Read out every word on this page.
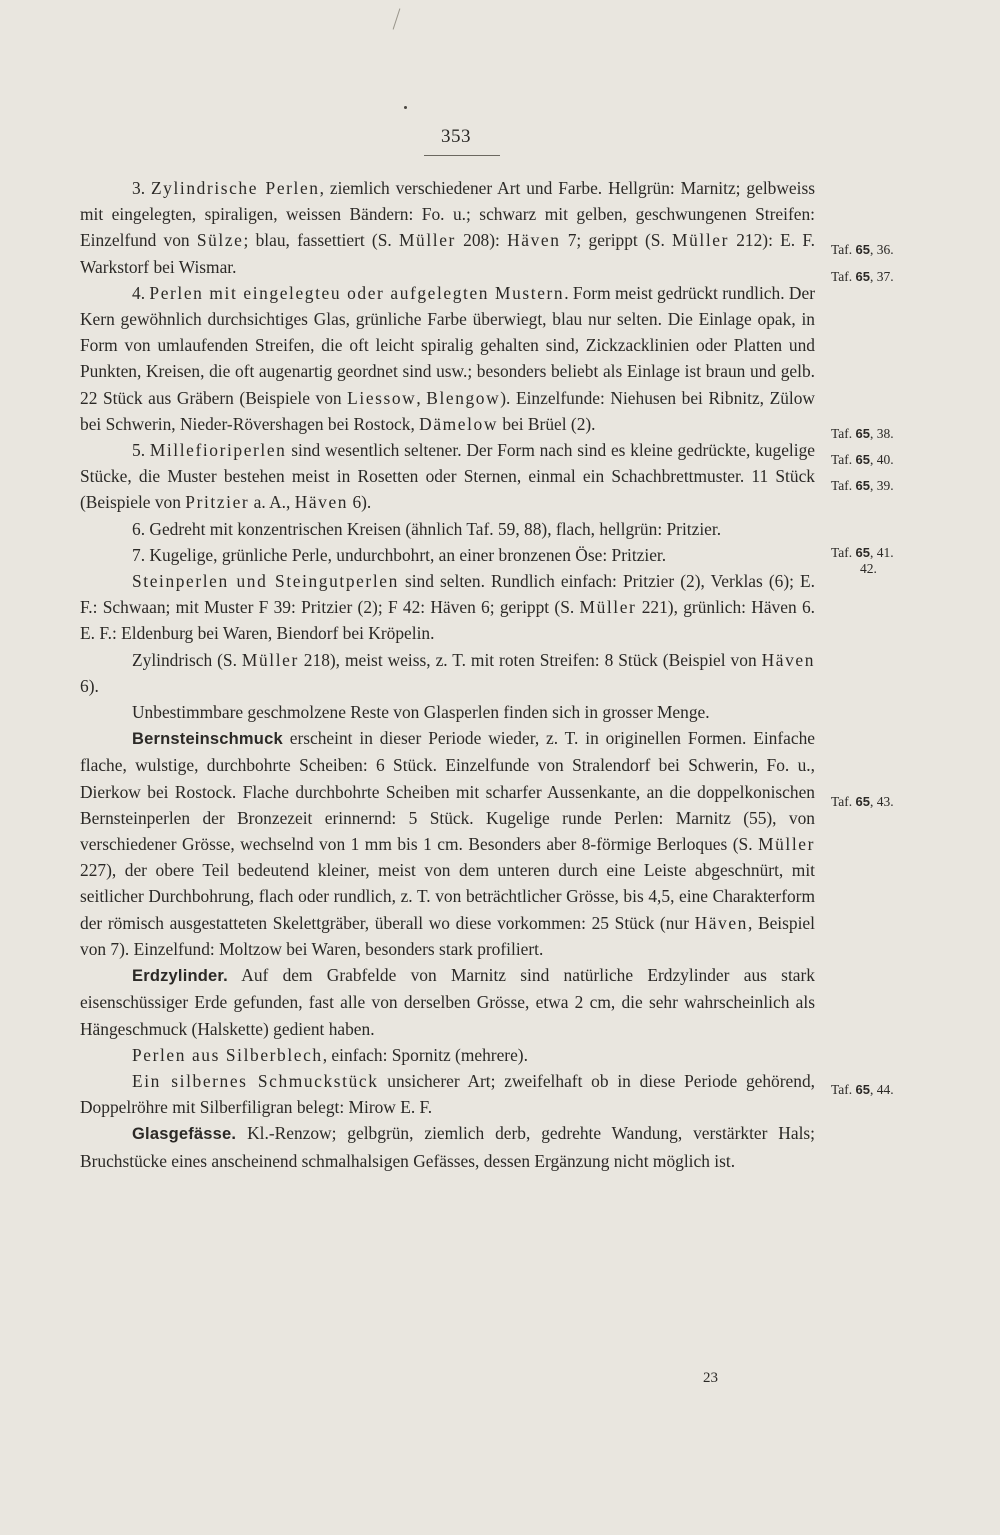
353

3. Zylindrische Perlen, ziemlich verschiedener Art und Farbe. Hellgrün: Marnitz; gelbweiss mit eingelegten, spiraligen, weissen Bändern: Fo. u.; schwarz mit gelben, geschwungenen Streifen: Einzelfund von Sülze; blau, fassettiert (S. Müller 208): Häven 7; gerippt (S. Müller 212): E. F. Warkstorf bei Wismar.

4. Perlen mit eingelegteu oder aufgelegten Mustern. Form meist gedrückt rundlich. Der Kern gewöhnlich durchsichtiges Glas, grünliche Farbe überwiegt, blau nur selten. Die Einlage opak, in Form von umlaufenden Streifen, die oft leicht spiralig gehalten sind, Zickzacklinien oder Platten und Punkten, Kreisen, die oft augenartig geordnet sind usw.; besonders beliebt als Einlage ist braun und gelb. 22 Stück aus Gräbern (Beispiele von Liessow, Blengow). Einzelfunde: Niehusen bei Ribnitz, Zülow bei Schwerin, Nieder-Rövershagen bei Rostock, Dämelow bei Brüel (2).

5. Millefioriperlen sind wesentlich seltener. Der Form nach sind es kleine gedrückte, kugelige Stücke, die Muster bestehen meist in Rosetten oder Sternen, einmal ein Schachbrettmuster. 11 Stück (Beispiele von Pritzier a. A., Häven 6).

6. Gedreht mit konzentrischen Kreisen (ähnlich Taf. 59, 88), flach, hellgrün: Pritzier.

7. Kugelige, grünliche Perle, undurchbohrt, an einer bronzenen Öse: Pritzier.

Steinperlen und Steingutperlen sind selten. Rundlich einfach: Pritzier (2), Verklas (6); E. F.: Schwaan; mit Muster F 39: Pritzier (2); F 42: Häven 6; gerippt (S. Müller 221), grünlich: Häven 6. E. F.: Eldenburg bei Waren, Biendorf bei Kröpelin.

Zylindrisch (S. Müller 218), meist weiss, z. T. mit roten Streifen: 8 Stück (Beispiel von Häven 6).

Unbestimmbare geschmolzene Reste von Glasperlen finden sich in grosser Menge.

Bernsteinschmuck erscheint in dieser Periode wieder, z. T. in originellen Formen. Einfache flache, wulstige, durchbohrte Scheiben: 6 Stück. Einzelfunde von Stralendorf bei Schwerin, Fo. u., Dierkow bei Rostock. Flache durchbohrte Scheiben mit scharfer Aussenkante, an die doppelkonischen Bernsteinperlen der Bronzezeit erinnernd: 5 Stück. Kugelige runde Perlen: Marnitz (55), von verschiedener Grösse, wechselnd von 1 mm bis 1 cm. Besonders aber 8-förmige Berloques (S. Müller 227), der obere Teil bedeutend kleiner, meist von dem unteren durch eine Leiste abgeschnürt, mit seitlicher Durchbohrung, flach oder rundlich, z. T. von beträchtlicher Grösse, bis 4,5, eine Charakterform der römisch ausgestatteten Skelettgräber, überall wo diese vorkommen: 25 Stück (nur Häven, Beispiel von 7). Einzelfund: Moltzow bei Waren, besonders stark profiliert.

Erdzylinder. Auf dem Grabfelde von Marnitz sind natürliche Erdzylinder aus stark eisenschüssiger Erde gefunden, fast alle von derselben Grösse, etwa 2 cm, die sehr wahrscheinlich als Hängeschmuck (Halskette) gedient haben.

Perlen aus Silberblech, einfach: Spornitz (mehrere).

Ein silbernes Schmuckstück unsicherer Art; zweifelhaft ob in diese Periode gehörend, Doppelröhre mit Silberfiligran belegt: Mirow E. F.

Glasgefässe. Kl.-Renzow; gelbgrün, ziemlich derb, gedrehte Wandung, verstärkter Hals; Bruchstücke eines anscheinend schmalhalsigen Gefässes, dessen Ergänzung nicht möglich ist.

Taf. 65, 36.
Taf. 65, 37.
Taf. 65, 38.
Taf. 65, 40.
Taf. 65, 39.
Taf. 65, 41.
42.
Taf. 65, 43.
Taf. 65, 44.
23
